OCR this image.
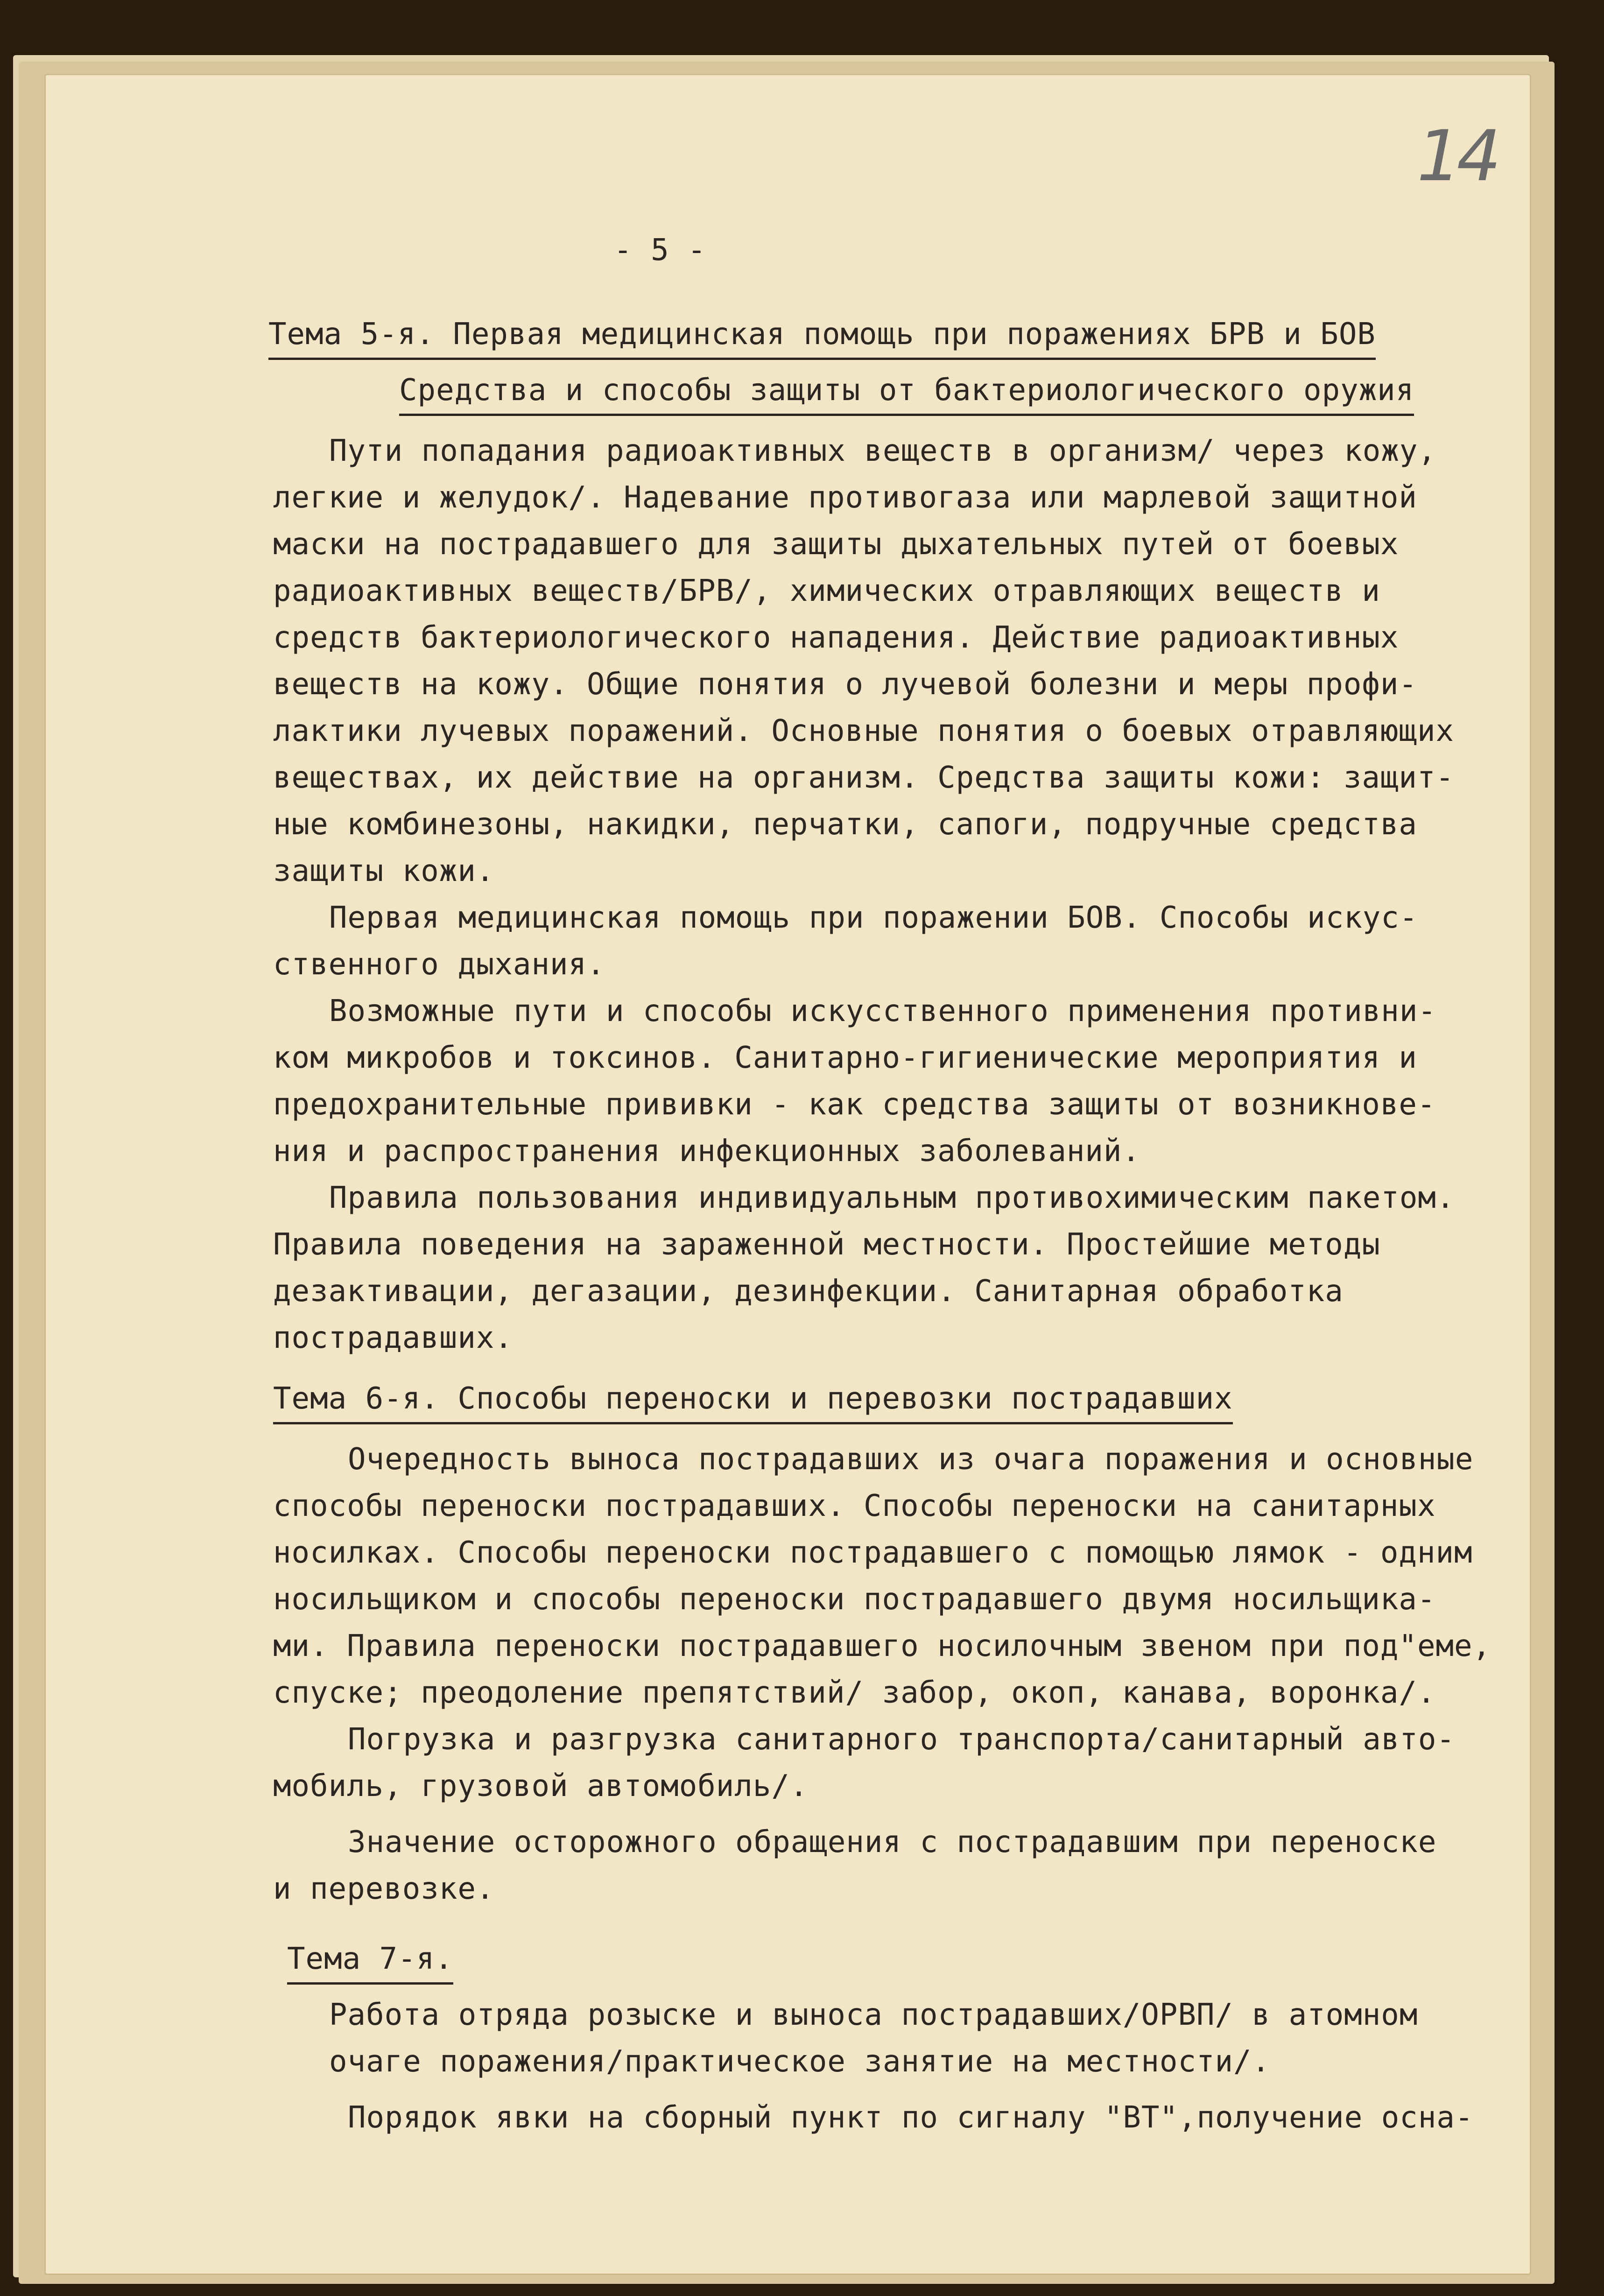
14
- 5 -
Тема 5-я. Первая медицинская помощь при поражениях БРВ и БОВ
Средства и способы защиты от бактериологического оружия
Пути попадания радиоактивных веществ в организм/ через кожу,
легкие и желудок/. Надевание противогаза или марлевой защитной
маски на пострадавшего для защиты дыхательных путей от боевых
радиоактивных веществ/БРВ/, химических отравляющих веществ и
средств бактериологического нападения. Действие радиоактивных
веществ на кожу. Общие понятия о лучевой болезни и меры профи-
лактики лучевых поражений. Основные понятия о боевых отравляющих
веществах, их действие на организм. Средства защиты кожи: защит-
ные комбинезоны, накидки, перчатки, сапоги, подручные средства
защиты кожи.
Первая медицинская помощь при поражении БОВ. Способы искус-
ственного дыхания.
Возможные пути и способы искусственного применения противни-
ком микробов и токсинов. Санитарно-гигиенические мероприятия и
предохранительные прививки - как средства защиты от возникнове-
ния и распространения инфекционных заболеваний.
Правила пользования индивидуальным противохимическим пакетом.
Правила поведения на зараженной местности. Простейшие методы
дезактивации, дегазации, дезинфекции. Санитарная обработка
пострадавших.
Тема 6-я. Способы переноски и перевозки пострадавших
Очередность выноса пострадавших из очага поражения и основные
способы переноски пострадавших. Способы переноски на санитарных
носилках. Способы переноски пострадавшего с помощью лямок - одним
носильщиком и способы переноски пострадавшего двумя носильщика-
ми. Правила переноски пострадавшего носилочным звеном при под"еме,
спуске; преодоление препятствий/ забор, окоп, канава, воронка/.
Погрузка и разгрузка санитарного транспорта/санитарный авто-
мобиль, грузовой автомобиль/.
Значение осторожного обращения с пострадавшим при переноске
и перевозке.
Тема 7-я.
Работа отряда розыске и выноса пострадавших/ОРВП/ в атомном
очаге поражения/практическое занятие на местности/.
Порядок явки на сборный пункт по сигналу "ВТ",получение осна-
